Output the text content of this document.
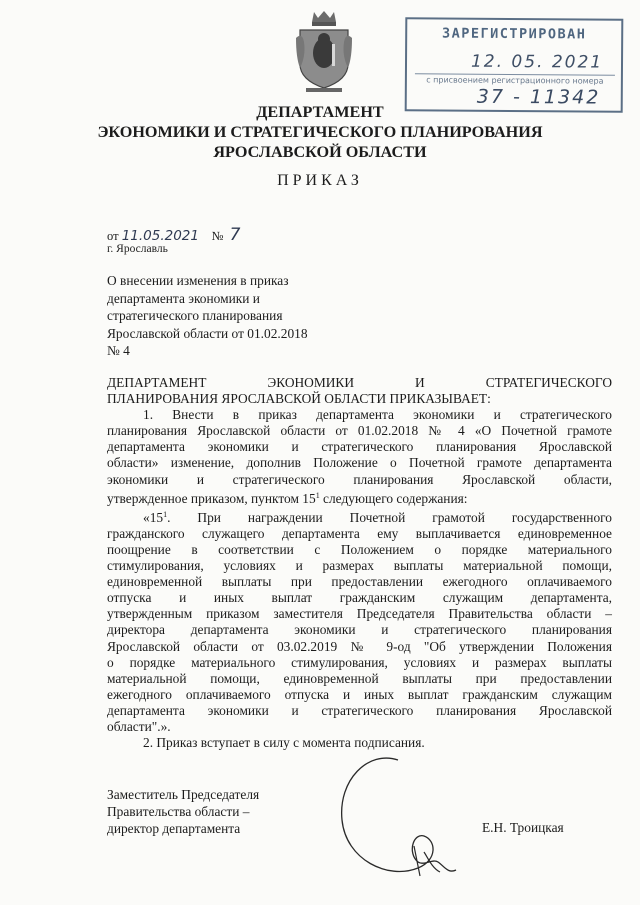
ЗАРЕГИСТРИРОВАН
12. 05. 2021
с присвоением регистрационного номера
37 - 11342
ДЕПАРТАМЕНТ
ЭКОНОМИКИ И СТРАТЕГИЧЕСКОГО ПЛАНИРОВАНИЯ
ЯРОСЛАВСКОЙ ОБЛАСТИ
ПРИКАЗ
от 11.05.2021 № 7
г. Ярославль
О внесении изменения в приказ
департамента экономики и
стратегического планирования
Ярославской области от 01.02.2018
№ 4
ДЕПАРТАМЕНТ ЭКОНОМИКИ И СТРАТЕГИЧЕСКОГО
ПЛАНИРОВАНИЯ ЯРОСЛАВСКОЙ ОБЛАСТИ ПРИКАЗЫВАЕТ:
1. Внести в приказ департамента экономики и стратегического
планирования Ярославской области от 01.02.2018 № 4 «О Почетной грамоте
департамента экономики и стратегического планирования Ярославской
области» изменение, дополнив Положение о Почетной грамоте департамента
экономики и стратегического планирования Ярославской области,
утвержденное приказом, пунктом $15^1$ следующего содержания:
«$15^1$. При награждении Почетной грамотой государственного
гражданского служащего департамента ему выплачивается единовременное
поощрение в соответствии с Положением о порядке материального
стимулирования, условиях и размерах выплаты материальной помощи,
единовременной выплаты при предоставлении ежегодного оплачиваемого
отпуска и иных выплат гражданским служащим департамента,
утвержденным приказом заместителя Председателя Правительства области –
директора департамента экономики и стратегического планирования
Ярославской области от 03.02.2019 № 9-од "Об утверждении Положения
о порядке материального стимулирования, условиях и размерах выплаты
материальной помощи, единовременной выплаты при предоставлении
ежегодного оплачиваемого отпуска и иных выплат гражданским служащим
департамента экономики и стратегического планирования Ярославской
области".».
2. Приказ вступает в силу с момента подписания.
Заместитель Председателя
Правительства области –
директор департамента	Е.Н. Троицкая
